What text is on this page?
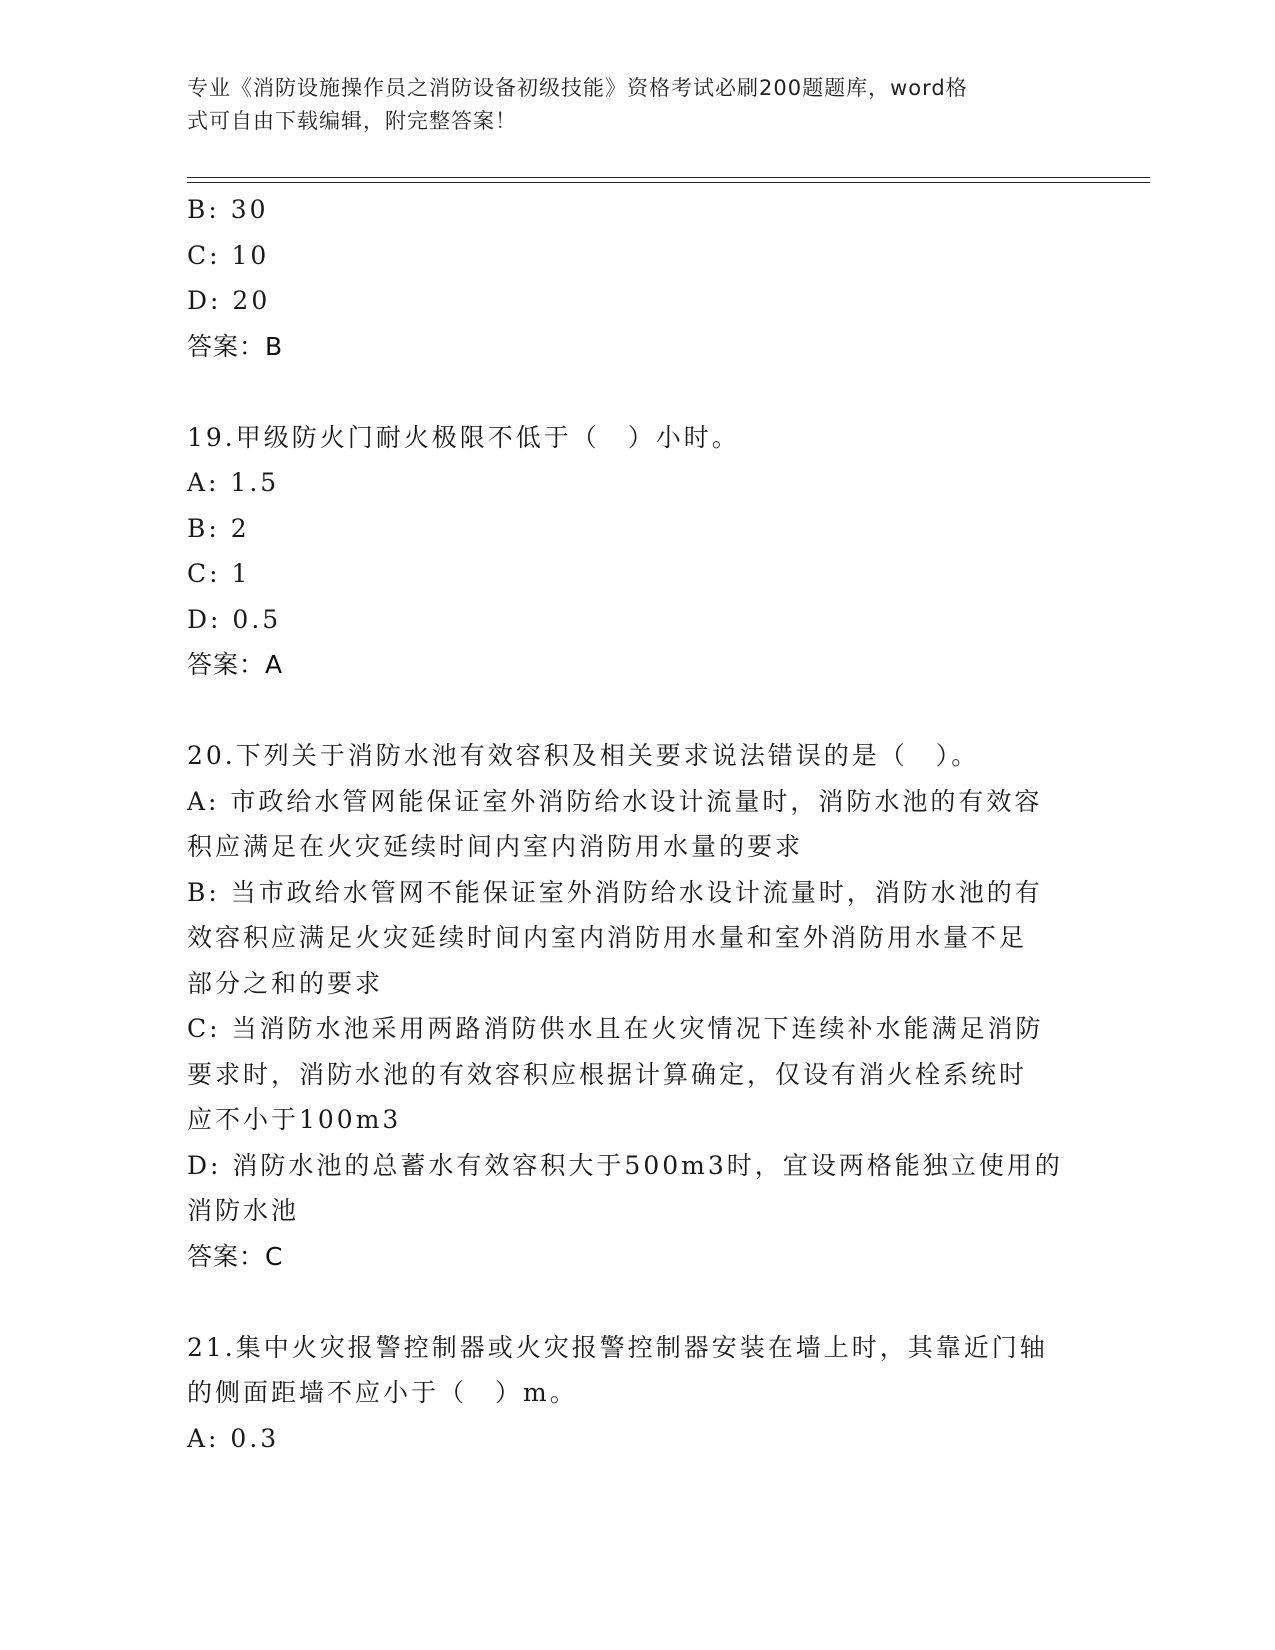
专业《消防设施操作员之消防设备初级技能》资格考试必刷200题题库，word格
式可自由下载编辑，附完整答案！
B: 30
C: 10
D: 20
答案：B
19.甲级防火门耐火极限不低于（　）小时。
A: 1.5
B: 2
C: 1
D: 0.5
答案：A
20.下列关于消防水池有效容积及相关要求说法错误的是（　）。
A: 市政给水管网能保证室外消防给水设计流量时，消防水池的有效容
积应满足在火灾延续时间内室内消防用水量的要求
B: 当市政给水管网不能保证室外消防给水设计流量时，消防水池的有
效容积应满足火灾延续时间内室内消防用水量和室外消防用水量不足
部分之和的要求
C: 当消防水池采用两路消防供水且在火灾情况下连续补水能满足消防
要求时，消防水池的有效容积应根据计算确定，仅设有消火栓系统时
应不小于100m3
D: 消防水池的总蓄水有效容积大于500m3时，宜设两格能独立使用的
消防水池
答案：C
21.集中火灾报警控制器或火灾报警控制器安装在墙上时，其靠近门轴
的侧面距墙不应小于（　）m。
A: 0.3
